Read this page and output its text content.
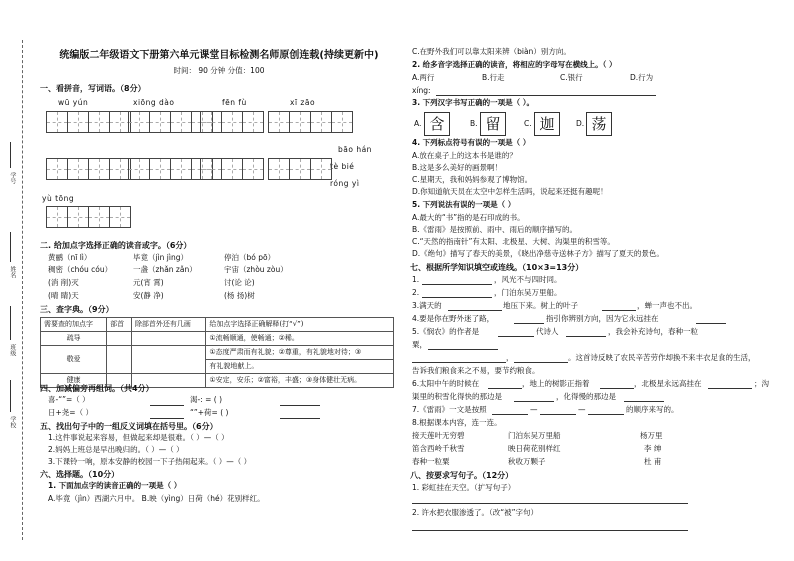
学号
姓名
班级
学校
统编版二年级语文下册第六单元课堂目标检测名师原创连载(持续更新中)
时间： 90 分钟 分值：100
一、看拼音，写词语。（8分）
wū yún	xiōng dào	fēn fù	xī zāo
bāo hán
tè bié
róng yì
yù tōng
二. 给加点字选择正确的读音或字。（6分）
黄鹂（nī lì）	毕竟（jìn jìng）	停泊（bó pō）
稠密（chóu cóu）	一盏（zhǎn zǎn）	宇宙（zhòu zòu）
(消 削)灭	元(宵 霄)	讨(论 论)
(晴 睛)天	安(静 净)	(杨 扬)树
三、查字典。（9分）
需要查的加点字	部首	除部首外还有几画	给加点字选择正确解释(打“√”)
疏导			①流畅顺通，使畅通；②稀。
敬爱			①态度严肃而有礼貌；②尊重，有礼貌地对待；③
			有礼貌地献上。
健康			①安定，安乐；②富裕，丰盛；③身体健壮无病。
四、加减偏旁再组词。（共4分）
喜-“”=（ ）	渴-: = ( )
日+尧=（ ）	“”+荷= ( )
五、找出句子中的一组反义词填在括号里。（6分）
1.这件事说起来容易，但做起来却是很难。（ ）—（ ）
2.妈妈上班总是早出晚归的。（ ）—（ ）
3.下课铃一响，原本安静的校园一下子热闹起来。（ ）—（ ）
六、选择题。（10分）
1. 下面加点字的读音正确的一项是（ ）
A.毕竟（jìn）西湖六月中。 B.映（yìng）日荷（hé）花别样红。
C.在野外我们可以靠太阳来辨（biàn）别方向。
2. 给多音字选择正确的读音，将相应的字母写在横线上。（ ）
A.两行	B.行走	C.银行	D.行为
xíng:
3. 下列汉字书写正确的一项是（ ）。
A. 含	B. 留	C. 迦	D. 荡
4. 下列标点符号有误的一项是（ ）
A.放在桌子上的这本书是谁的？
B.这是多么美好的画景啊！
C.星期天，我和妈妈参观了博物馆。
D.你知道航天员在太空中怎样生活吗，说起来还挺有趣呢！
5. 下列说法有误的一项是（ ）
A.最大的“书”指的是石印成的书。
B.《雷雨》是按照前、雨中、雨后的顺序描写的。
C.“天然的指南针”有太阳、北极星、大树、沟渠里的积雪等。
D.《绝句》描写了春天的美景，《晓出净慈寺送林子方》描写了夏天的景色。
七、根据所学知识填空或连线。（10×3=13分）
1.	，风光不与四时同。
2.	，门泊东吴万里船。
3.满天的	地压下来。树上的叶子	，蝉一声也不出。
4.要是你在野外迷了路，	指引你辨别方向，因为它永远挂在
5.《悯农》的作者是	代诗人	，我会补充诗句，春种一粒
粟，
，	。这首诗反映了农民辛苦劳作却换不来丰衣足食的生活，
告诉我们粮食来之不易，要节约粮食。
6.太阳中午的时候在	，地上的树影正指着	，北极星永远高挂在	；沟
渠里的积雪化得快的那边是	，化得慢的那边是
7.《雷雨》一文是按照	—	—	的顺序来写的。
8.根据课本内容，连一连。
接天莲叶无穷碧	门泊东吴万里船	杨万里
笛含西岭千秋雪	映日荷花别样红	李 绅
春种一粒粟	秋收万颗子	杜 甫
八、按要求写句子。（12分）
1. 彩虹挂在天空。（扩写句子）
2. 许水把衣服渗透了。（改“被”字句）
